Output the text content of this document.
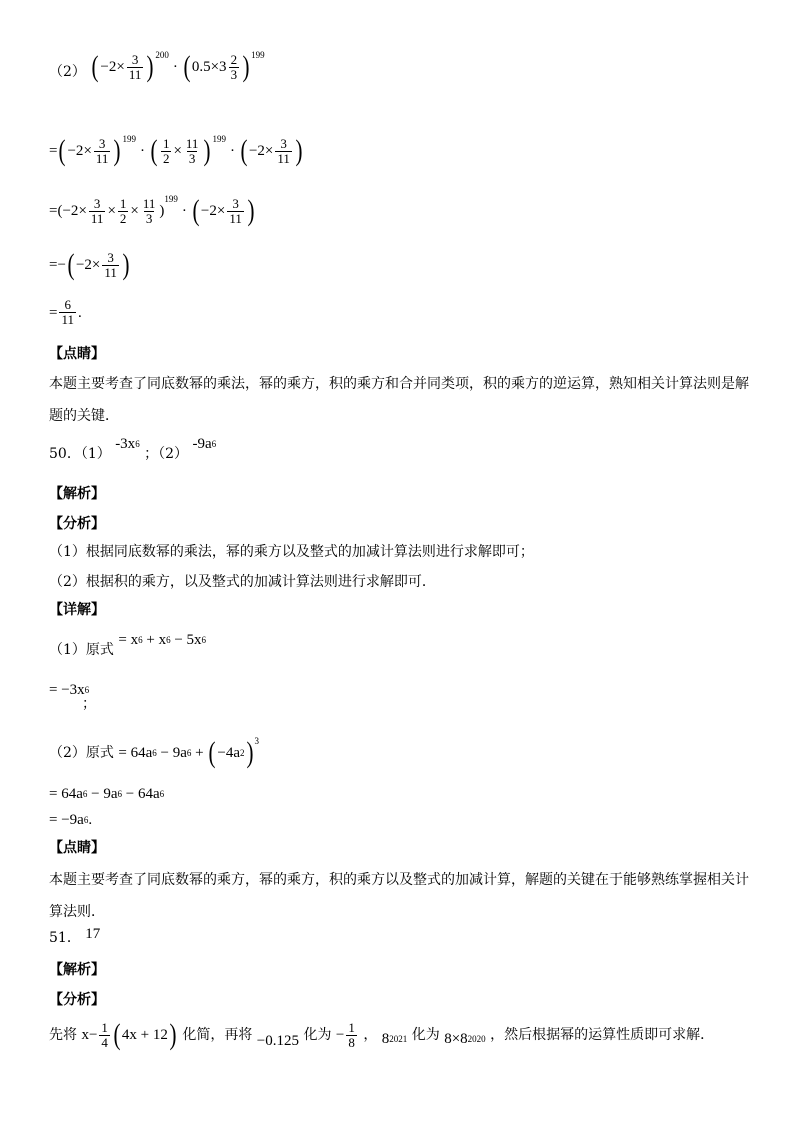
（2） ( $-2 \times \frac{3}{11}$ ) 200
· ( $0.5\times 3 \frac{2}{3}$ ) 199
= ( $-2 \times \frac{3}{11}$ ) 199
· ( $\frac{1}{2} \times \frac{11}{3}$ ) 199
· ( $-2 \times \frac{3}{11}$ )
= ( $-2 \times \frac{3}{11} \times \frac{1}{2} \times \frac{11}{3}$ )
199
· ( $-2 \times \frac{3}{11}$ )
= − ( $-2 \times \frac{3}{11}$ )
= $\frac{6}{11}$ .
【点睛】
本题主要考查了同底数幂的乘法，幂的乘方，积的乘方和合并同类项，积的乘方的逆运算，熟知相关计算法则是解题的关键．
50．（1）
-3x 6
；（2）
-9a 6
【解析】
【分析】
（1）根据同底数幂的乘法，幂的乘方以及整式的加减计算法则进行求解即可；
（2）根据积的乘方，以及整式的加减计算法则进行求解即可．
【详解】
（1）原式
=
x 6
+
x 6
−
5x 6
= −3x 6
；
（2）原式 =
64a 6
−
9a 6
+
( −4a 2 ) 3
= 64a 6
−
9a 6
−
64a 6
= −9a 6 .
【点睛】
本题主要考查了同底数幂的乘方，幂的乘方，积的乘方以及整式的加减计算，解题的关键在于能够熟练掌握相关计算法则．
51． 17
【解析】
【分析】
先将 $x - \frac{1}{4}$ ( 4x + 12 ) 化简，再将 −0.125 化为 − $\frac{1}{8}$ ， 8 2021 化为 8×8 2020 ，然后根据幂的运算性质即可求解．
